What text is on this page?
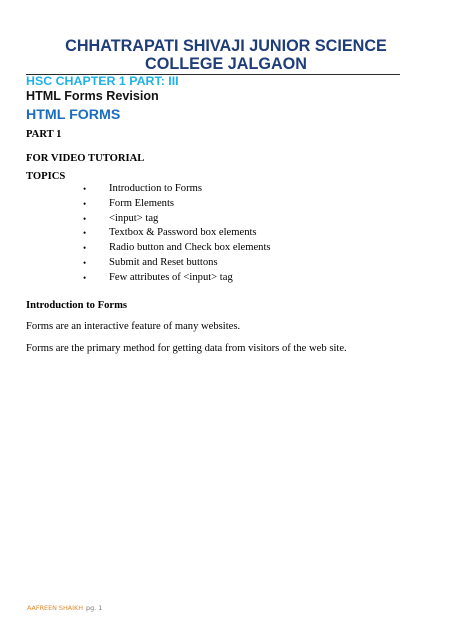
CHHATRAPATI SHIVAJI JUNIOR SCIENCE
COLLEGE JALGAON
HSC CHAPTER 1 PART: III
HTML Forms Revision
HTML FORMS
PART 1
FOR VIDEO TUTORIAL
TOPICS
• Introduction to Forms
• Form Elements
• <input> tag
• Textbox & Password box elements
• Radio button and Check box elements
• Submit and Reset buttons
• Few attributes of <input> tag
Introduction to Forms
Forms are an interactive feature of many websites.
Forms are the primary method for getting data from visitors of the web site.
AAFREEN SHAIKH pg. 1
